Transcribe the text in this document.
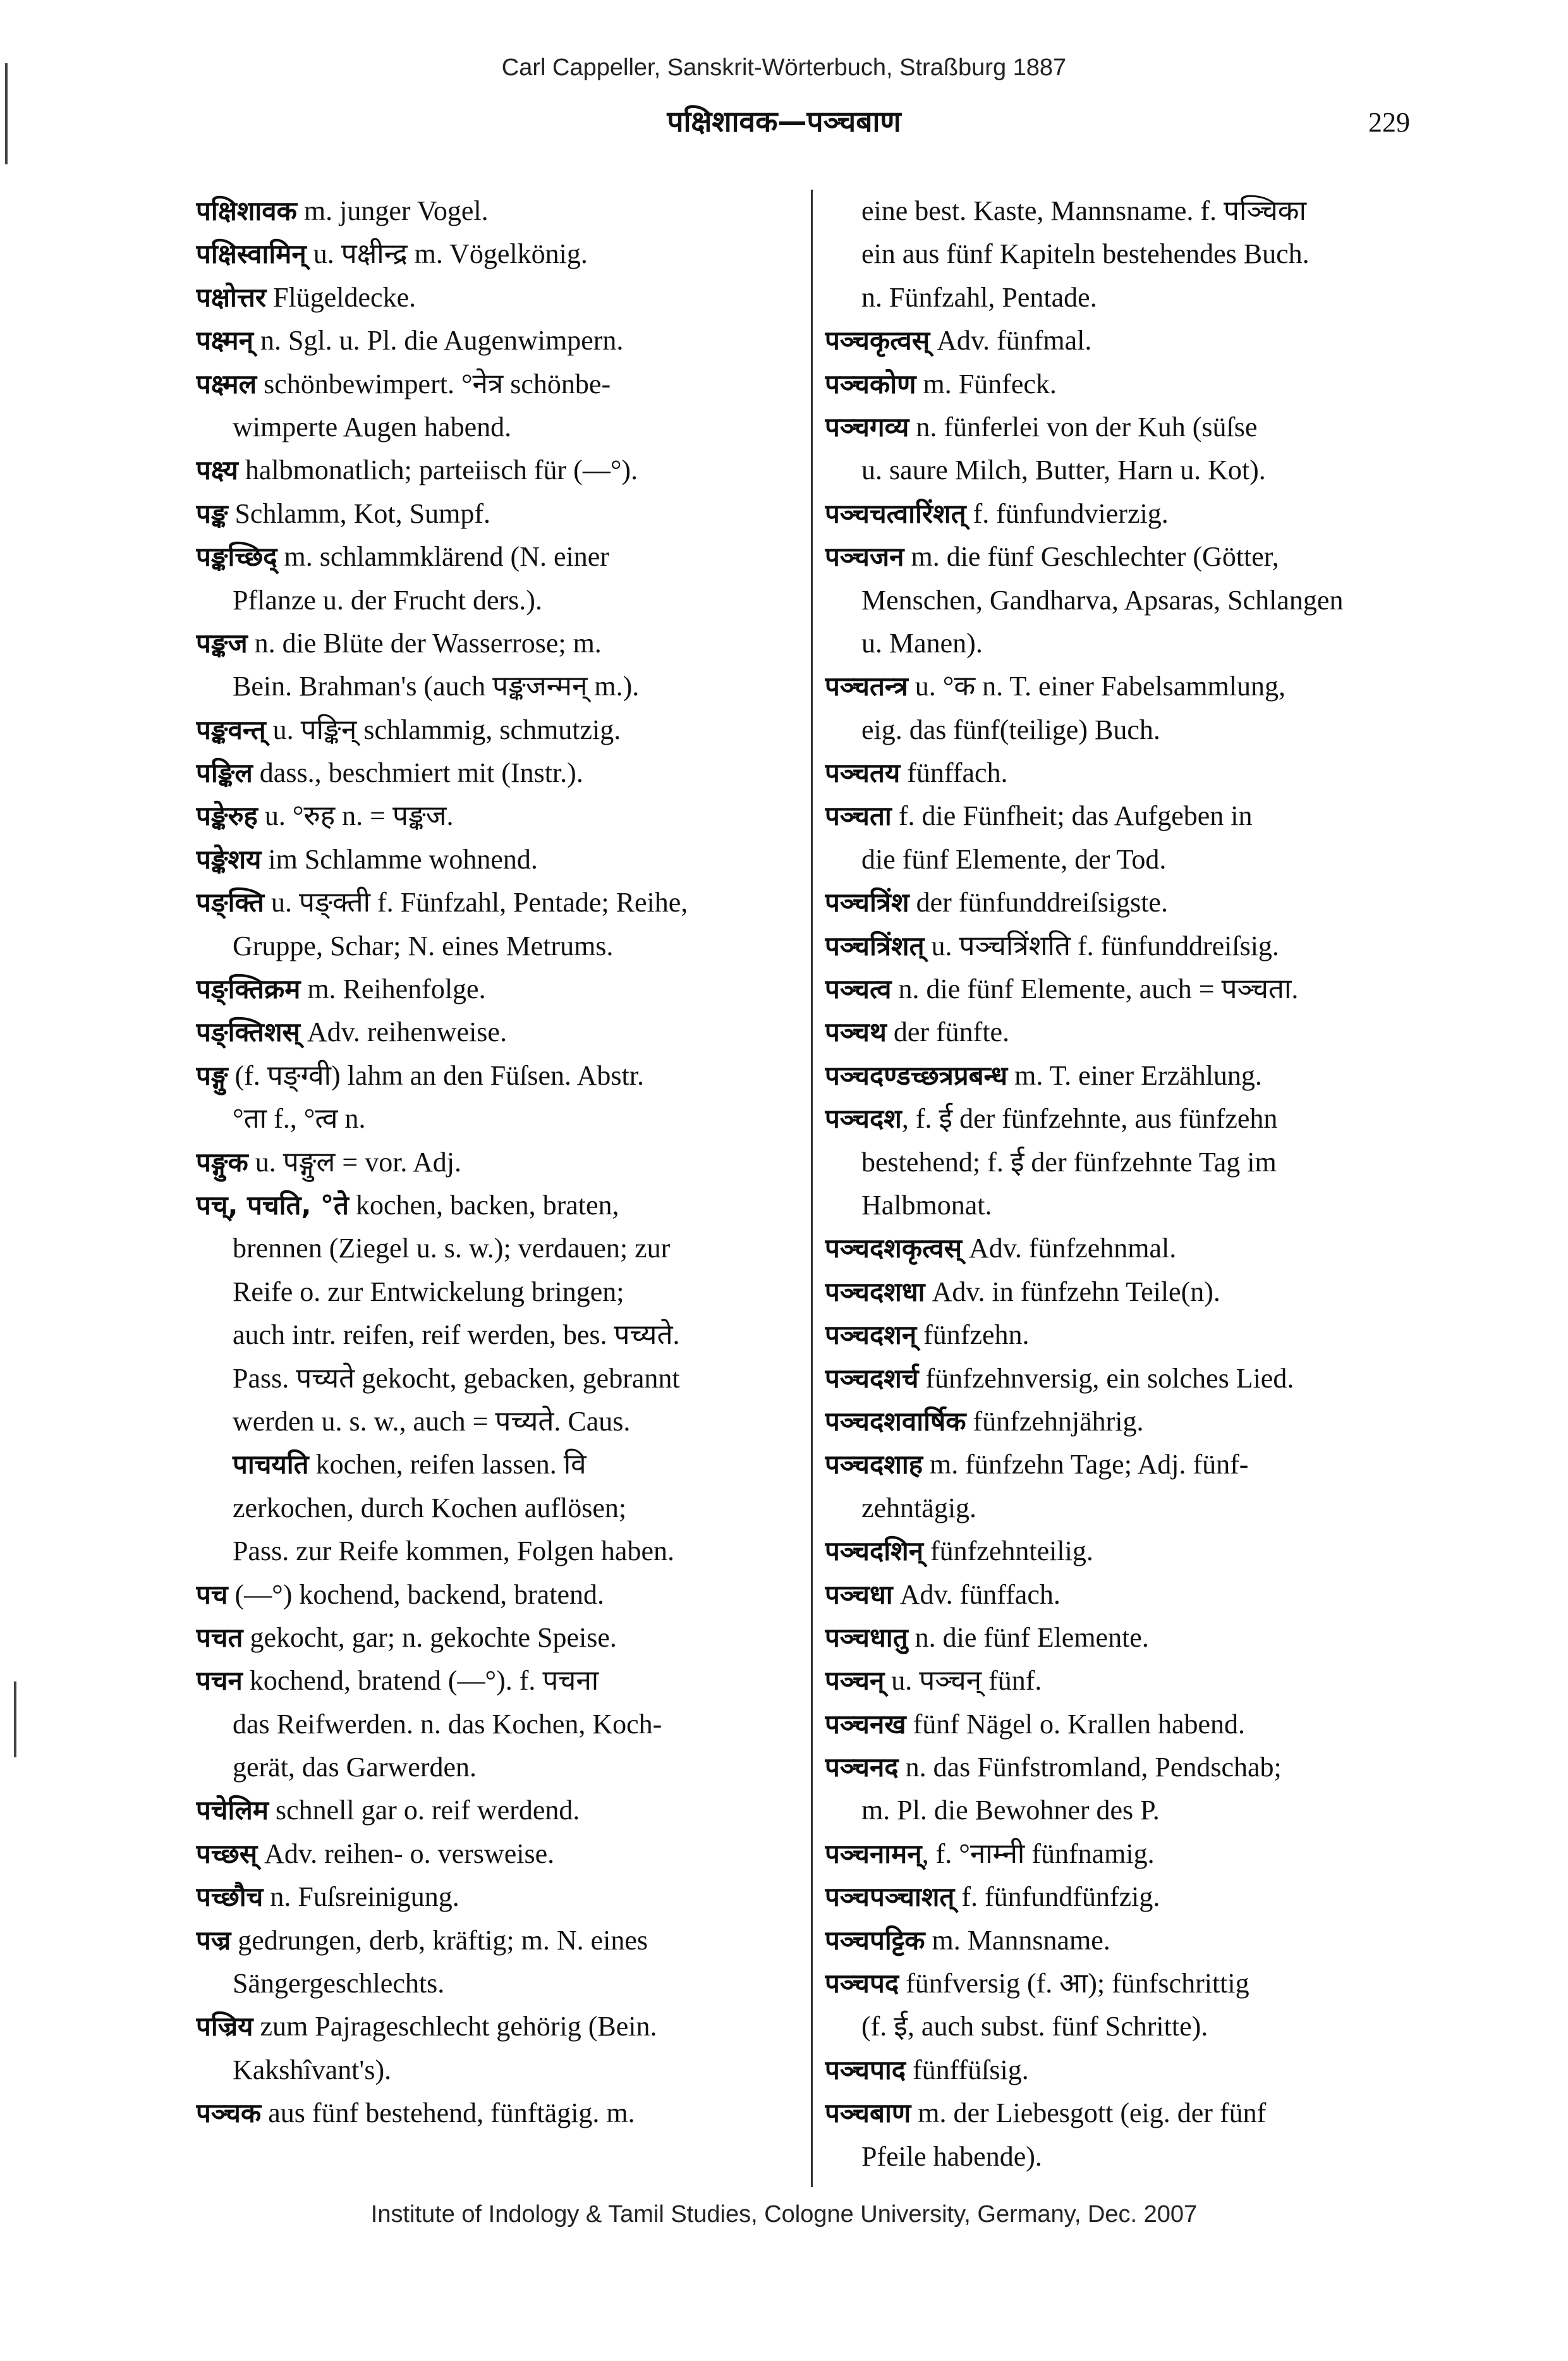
Carl Cappeller, Sanskrit-Wörterbuch, Straßburg 1887
पक्षिशावक—पञ्चबाण	229
पक्षिशावक m. junger Vogel.
पक्षिस्वामिन् u. पक्षीन्द्र m. Vögelkönig.
पक्षोत्तर Flügeldecke.
पक्ष्मन् n. Sgl. u. Pl. die Augenwimpern.
पक्ष्मल schönbewimpert. °नेत्र schönbe-
wimperte Augen habend.
पक्ष्य halbmonatlich; parteiisch für (—°).
पङ्क Schlamm, Kot, Sumpf.
पङ्कच्छिद् m. schlammklärend (N. einer
Pflanze u. der Frucht ders.).
पङ्कज n. die Blüte der Wasserrose; m.
Bein. Brahman's (auch पङ्कजन्मन् m.).
पङ्कवन्त् u. पङ्किन् schlammig, schmutzig.
पङ्किल dass., beschmiert mit (Instr.).
पङ्केरुह u. °रुह n. = पङ्कज.
पङ्केशय im Schlamme wohnend.
पङ्क्ति u. पङ्क्ती f. Fünfzahl, Pentade; Reihe,
Gruppe, Schar; N. eines Metrums.
पङ्क्तिक्रम m. Reihenfolge.
पङ्क्तिशस् Adv. reihenweise.
पङ्गु (f. पङ्ग्वी) lahm an den Füſsen. Abstr.
°ता f., °त्व n.
पङ्गुक u. पङ्गुल = vor. Adj.
पच्, पचति, °ते kochen, backen, braten,
brennen (Ziegel u. s. w.); verdauen; zur
Reife o. zur Entwickelung bringen;
auch intr. reifen, reif werden, bes. पच्यते.
Pass. पच्यते gekocht, gebacken, gebrannt
werden u. s. w., auch = पच्यते. Caus.
पाचयति kochen, reifen lassen. वि
zerkochen, durch Kochen auflösen;
Pass. zur Reife kommen, Folgen haben.
पच (—°) kochend, backend, bratend.
पचत gekocht, gar; n. gekochte Speise.
पचन kochend, bratend (—°). f. पचना
das Reifwerden. n. das Kochen, Koch-
gerät, das Garwerden.
पचेलिम schnell gar o. reif werdend.
पच्छस् Adv. reihen- o. versweise.
पच्छौच n. Fuſsreinigung.
पज्र gedrungen, derb, kräftig; m. N. eines
Sängergeschlechts.
पज्रिय zum Pajrageschlecht gehörig (Bein.
Kakshîvant's).
पञ्चक aus fünf bestehend, fünftägig. m.
eine best. Kaste, Mannsname. f. पञ्चिका
ein aus fünf Kapiteln bestehendes Buch.
n. Fünfzahl, Pentade.
पञ्चकृत्वस् Adv. fünfmal.
पञ्चकोण m. Fünfeck.
पञ्चगव्य n. fünferlei von der Kuh (süſse
u. saure Milch, Butter, Harn u. Kot).
पञ्चचत्वारिंशत् f. fünfundvierzig.
पञ्चजन m. die fünf Geschlechter (Götter,
Menschen, Gandharva, Apsaras, Schlangen
u. Manen).
पञ्चतन्त्र u. °क n. T. einer Fabelsammlung,
eig. das fünf(teilige) Buch.
पञ्चतय fünffach.
पञ्चता f. die Fünfheit; das Aufgeben in
die fünf Elemente, der Tod.
पञ्चत्रिंश der fünfunddreiſsigste.
पञ्चत्रिंशत् u. पञ्चत्रिंशति f. fünfunddreiſsig.
पञ्चत्व n. die fünf Elemente, auch = पञ्चता.
पञ्चथ der fünfte.
पञ्चदण्डच्छत्रप्रबन्ध m. T. einer Erzählung.
पञ्चदश, f. ई der fünfzehnte, aus fünfzehn
bestehend; f. ई der fünfzehnte Tag im
Halbmonat.
पञ्चदशकृत्वस् Adv. fünfzehnmal.
पञ्चदशधा Adv. in fünfzehn Teile(n).
पञ्चदशन् fünfzehn.
पञ्चदशर्च fünfzehnversig, ein solches Lied.
पञ्चदशवार्षिक fünfzehnjährig.
पञ्चदशाह m. fünfzehn Tage; Adj. fünf-
zehntägig.
पञ्चदशिन् fünfzehnteilig.
पञ्चधा Adv. fünffach.
पञ्चधातु n. die fünf Elemente.
पञ्चन् u. पञ्चन् fünf.
पञ्चनख fünf Nägel o. Krallen habend.
पञ्चनद n. das Fünfstromland, Pendschab;
m. Pl. die Bewohner des P.
पञ्चनामन्, f. °नाम्नी fünfnamig.
पञ्चपञ्चाशत् f. fünfundfünfzig.
पञ्चपट्टिक m. Mannsname.
पञ्चपद fünfversig (f. आ); fünfschrittig
(f. ई, auch subst. fünf Schritte).
पञ्चपाद fünffüſsig.
पञ्चबाण m. der Liebesgott (eig. der fünf
Pfeile habende).
Institute of Indology & Tamil Studies, Cologne University, Germany, Dec. 2007
